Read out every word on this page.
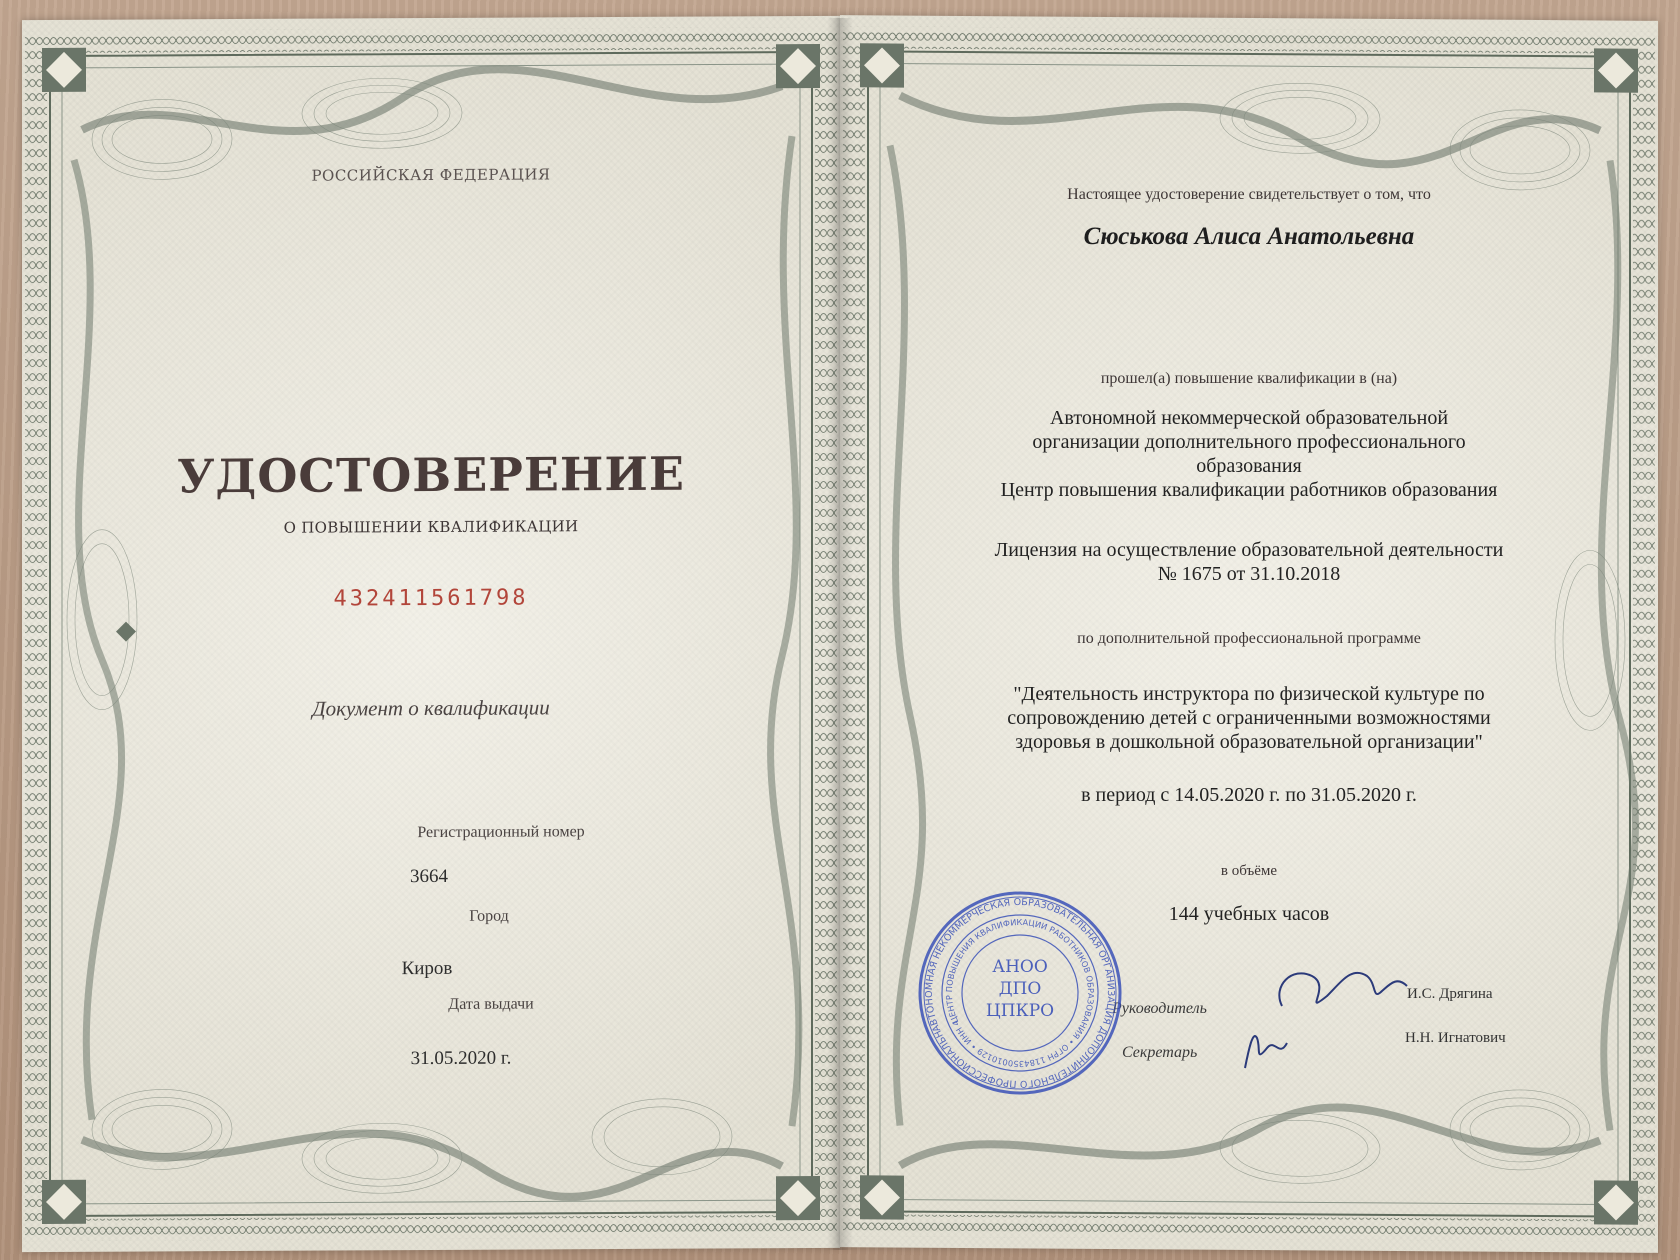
РОССИЙСКАЯ ФЕДЕРАЦИЯ
УДОСТОВЕРЕНИЕ
О ПОВЫШЕНИИ КВАЛИФИКАЦИИ
432411561798
Документ о квалификации
Регистрационный номер
3664
Город
Киров
Дата выдачи
31.05.2020 г.
Настоящее удостоверение свидетельствует о том, что
Сюськова Алиса Анатольевна
прошел(а) повышение квалификации в (на)
Автономной некоммерческой образовательной
организации дополнительного профессионального
образования
Центр повышения квалификации работников образования
Лицензия на осуществление образовательной деятельности
№ 1675 от 31.10.2018
по дополнительной профессиональной программе
"Деятельность инструктора по физической культуре по
сопровождению детей с ограниченными возможностями
здоровья в дошкольной образовательной организации"
в период с 14.05.2020 г. по 31.05.2020 г.
в объёме
144 учебных часов
Руководитель
И.С. Дрягина
Секретарь
Н.Н. Игнатович
АВТОНОМНАЯ НЕКОММЕРЧЕСКАЯ ОБРАЗОВАТЕЛЬНАЯ ОРГАНИЗАЦИЯ ДОПОЛНИТЕЛЬНОГО ПРОФЕССИОНАЛЬНОГО
ЦЕНТР ПОВЫШЕНИЯ КВАЛИФИКАЦИИ РАБОТНИКОВ ОБРАЗОВАНИЯ • ОГРН 1184350010129 • ИНН 4345483211
АНОО
ДПО
ЦПКРО
